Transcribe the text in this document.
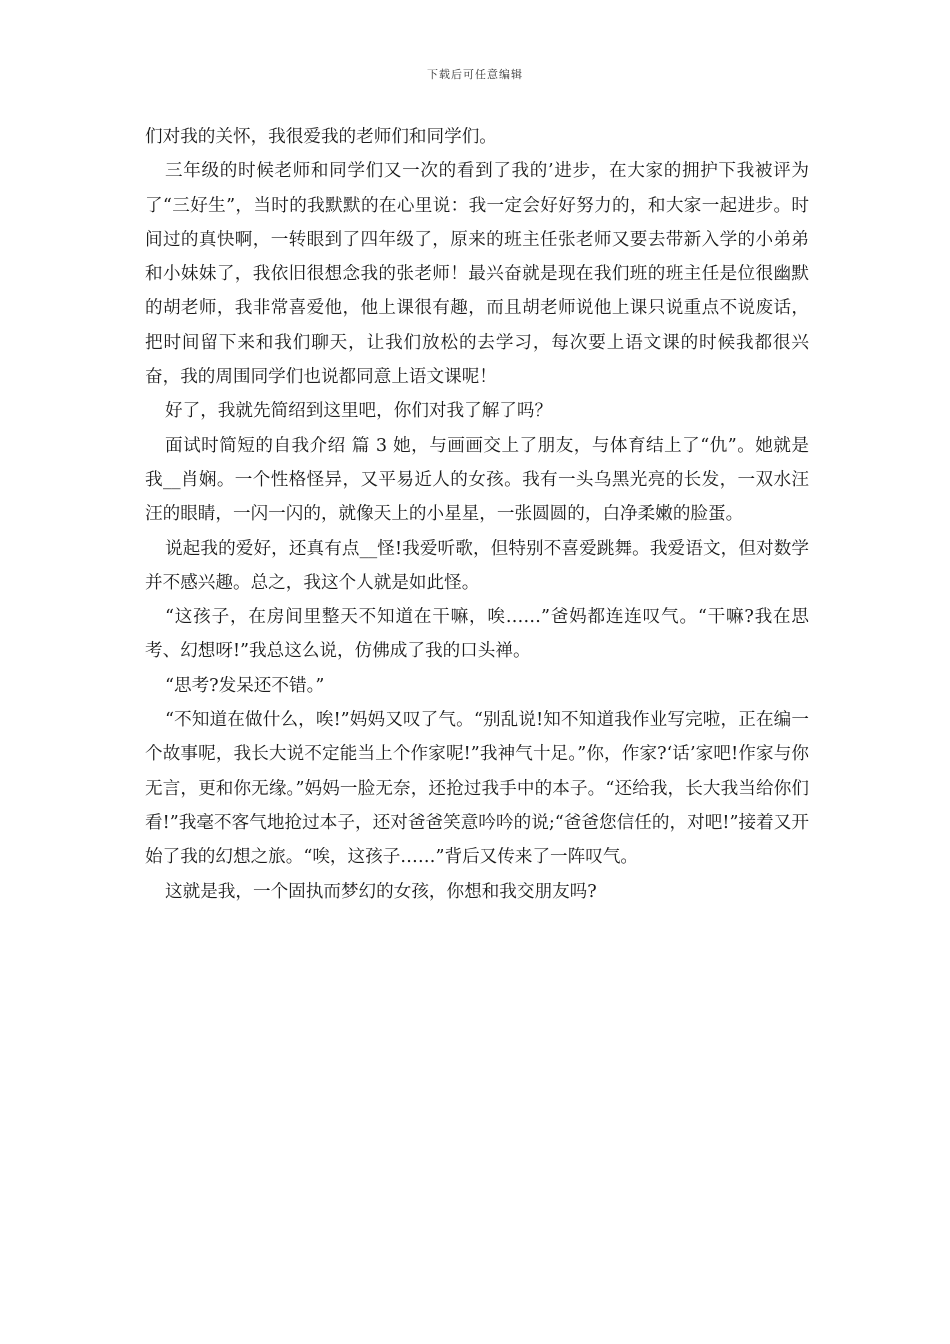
下载后可任意编辑

们对我的关怀，我很爱我的老师们和同学们。

三年级的时候老师和同学们又一次的看到了我的’进步，在大家的拥护下我被评为了“三好生”，当时的我默默的在心里说：我一定会好好努力的，和大家一起进步。时间过的真快啊，一转眼到了四年级了，原来的班主任张老师又要去带新入学的小弟弟和小妹妹了，我依旧很想念我的张老师！最兴奋就是现在我们班的班主任是位很幽默的胡老师，我非常喜爱他，他上课很有趣，而且胡老师说他上课只说重点不说废话，把时间留下来和我们聊天，让我们放松的去学习，每次要上语文课的时候我都很兴奋，我的周围同学们也说都同意上语文课呢！

好了，我就先简绍到这里吧，你们对我了解了吗？

面试时简短的自我介绍 篇 3 她，与画画交上了朋友，与体育结上了“仇”。她就是我__肖娴。一个性格怪异，又平易近人的女孩。我有一头乌黑光亮的长发，一双水汪汪的眼睛，一闪一闪的，就像天上的小星星，一张圆圆的，白净柔嫩的脸蛋。

说起我的爱好，还真有点__怪!我爱听歌，但特别不喜爱跳舞。我爱语文，但对数学并不感兴趣。总之，我这个人就是如此怪。

“这孩子，在房间里整天不知道在干嘛，唉……”爸妈都连连叹气。“干嘛?我在思考、幻想呀!”我总这么说，仿佛成了我的口头禅。

“思考?发呆还不错。”

“不知道在做什么，唉!”妈妈又叹了气。“别乱说!知不知道我作业写完啦，正在编一个故事呢，我长大说不定能当上个作家呢!”我神气十足。”你，作家?‘话’家吧!作家与你无言，更和你无缘。”妈妈一脸无奈，还抢过我手中的本子。“还给我，长大我当给你们看!”我毫不客气地抢过本子，还对爸爸笑意吟吟的说;“爸爸您信任的，对吧!”接着又开始了我的幻想之旅。“唉，这孩子……”背后又传来了一阵叹气。

这就是我，一个固执而梦幻的女孩，你想和我交朋友吗?
